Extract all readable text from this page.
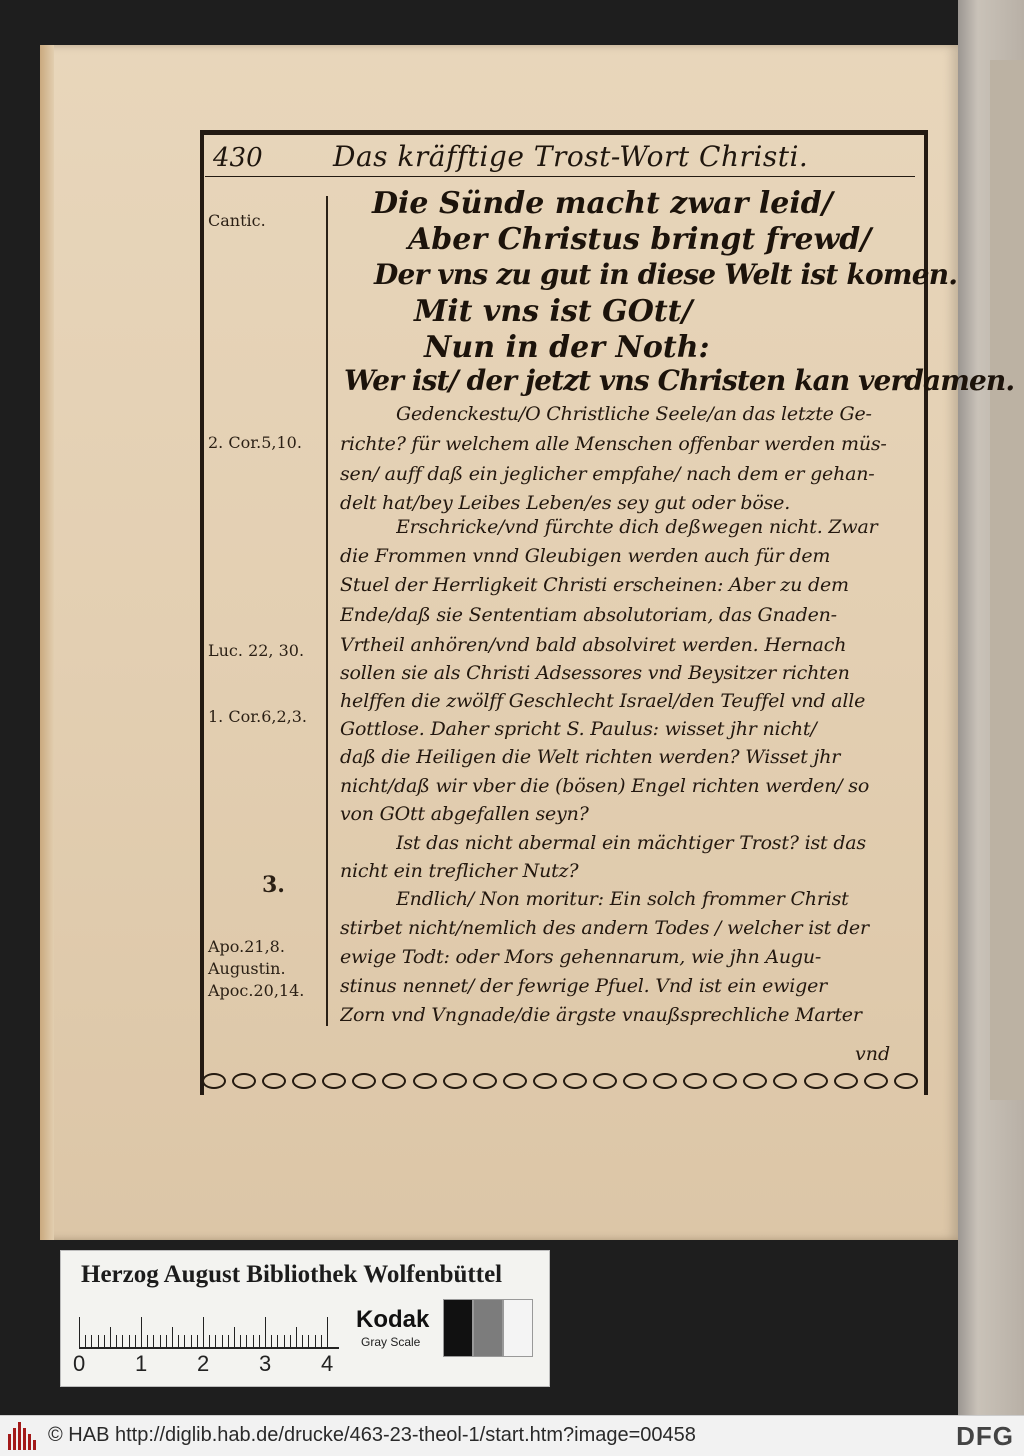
430	Das kräfftige Trost-Wort Christi.
Cantic.
2. Cor.5,10.
Luc. 22, 30.
1. Cor.6,2,3.
3.
Apo.21,8.
Augustin.
Apoc.20,14.
Die Sünde macht zwar leid/
Aber Christus bringt frewd/
Der vns zu gut in diese Welt ist komen.
Mit vns ist GOtt/
Nun in der Noth:
Wer ist/ der jetzt vns Christen kan verdamen.
Gedenckestu/O Christliche Seele/an das letzte Ge-
richte? für welchem alle Menschen offenbar werden müs-
sen/ auff daß ein jeglicher empfahe/ nach dem er gehan-
delt hat/bey Leibes Leben/es sey gut oder böse.
Erschricke/vnd fürchte dich deßwegen nicht. Zwar
die Frommen vnnd Gleubigen werden auch für dem
Stuel der Herrligkeit Christi erscheinen: Aber zu dem
Ende/daß sie Sententiam absolutoriam, das Gnaden-
Vrtheil anhören/vnd bald absolviret werden. Hernach
sollen sie als Christi Adsessores vnd Beysitzer richten
helffen die zwölff Geschlecht Israel/den Teuffel vnd alle
Gottlose. Daher spricht S. Paulus: wisset jhr nicht/
daß die Heiligen die Welt richten werden? Wisset jhr
nicht/daß wir vber die (bösen) Engel richten werden/ so
von GOtt abgefallen seyn?
Ist das nicht abermal ein mächtiger Trost? ist das
nicht ein treflicher Nutz?
Endlich/ Non moritur: Ein solch frommer Christ
stirbet nicht/nemlich des andern Todes / welcher ist der
ewige Todt: oder Mors gehennarum, wie jhn Augu-
stinus nennet/ der fewrige Pfuel. Vnd ist ein ewiger
Zorn vnd Vngnade/die ärgste vnaußsprechliche Marter
vnd
Herzog August Bibliothek Wolfenbüttel
0 1 2 3 4
Kodak
Gray Scale
© HAB http://diglib.hab.de/drucke/463-23-theol-1/start.htm?image=00458	DFG
